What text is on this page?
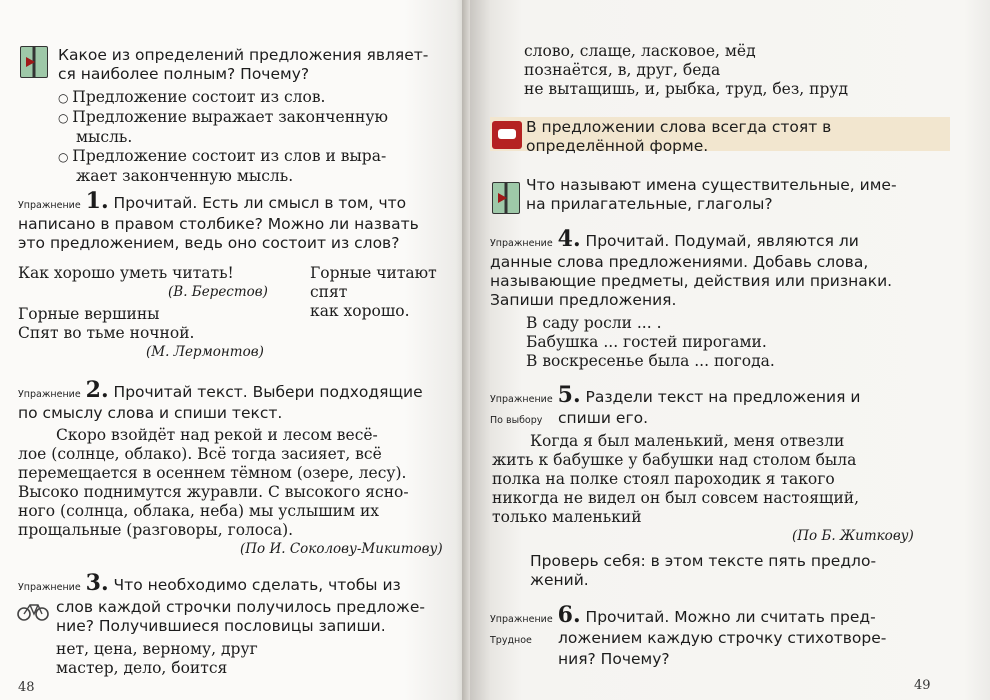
Какое из определений предложения являет-
ся наиболее полным? Почему?
○ Предложение состоит из слов.
○ Предложение выражает законченную
мысль.
○ Предложение состоит из слов и выра-
жает законченную мысль.
Упражнение 1. Прочитай. Есть ли смысл в том, что
написано в правом столбике? Можно ли назвать
это предложением, ведь оно состоит из слов?
Как хорошо уметь читать!
(В. Берестов)
Горные читают
спят
как хорошо.
Горные вершины
Спят во тьме ночной.
(М. Лермонтов)
Упражнение 2. Прочитай текст. Выбери подходящие
по смыслу слова и спиши текст.
Скоро взойдёт над рекой и лесом весё-
лое (солнце, облако). Всё тогда засияет, всё
перемещается в осеннем тёмном (озере, лесу).
Высоко поднимутся журавли. С высокого ясно-
ного (солнца, облака, неба) мы услышим их
прощальные (разговоры, голоса).
(По И. Соколову-Микитову)
Упражнение 3. Что необходимо сделать, чтобы из
слов каждой строчки получилось предложе-
ние? Получившиеся пословицы запиши.
нет, цена, верному, друг
мастер, дело, боится
48
слово, слаще, ласковое, мёд
познаётся, в, друг, беда
не вытащишь, и, рыбка, труд, без, пруд
В предложении слова всегда стоят в
определённой форме.
Что называют имена существительные, име-
на прилагательные, глаголы?
Упражнение 4. Прочитай. Подумай, являются ли
данные слова предложениями. Добавь слова,
называющие предметы, действия или признаки.
Запиши предложения.
В саду росли ... .
Бабушка ... гостей пирогами.
В воскресенье была ... погода.
Упражнение 5. Раздели текст на предложения и
По выбору спиши его.
Когда я был маленький, меня отвезли
жить к бабушке у бабушки над столом была
полка на полке стоял пароходик я такого
никогда не видел он был совсем настоящий,
только маленький
(По Б. Житкову)
Проверь себя: в этом тексте пять предло-
жений.
Упражнение 6. Прочитай. Можно ли считать пред-
Трудное ложением каждую строчку стихотворе-
ния? Почему?
49
